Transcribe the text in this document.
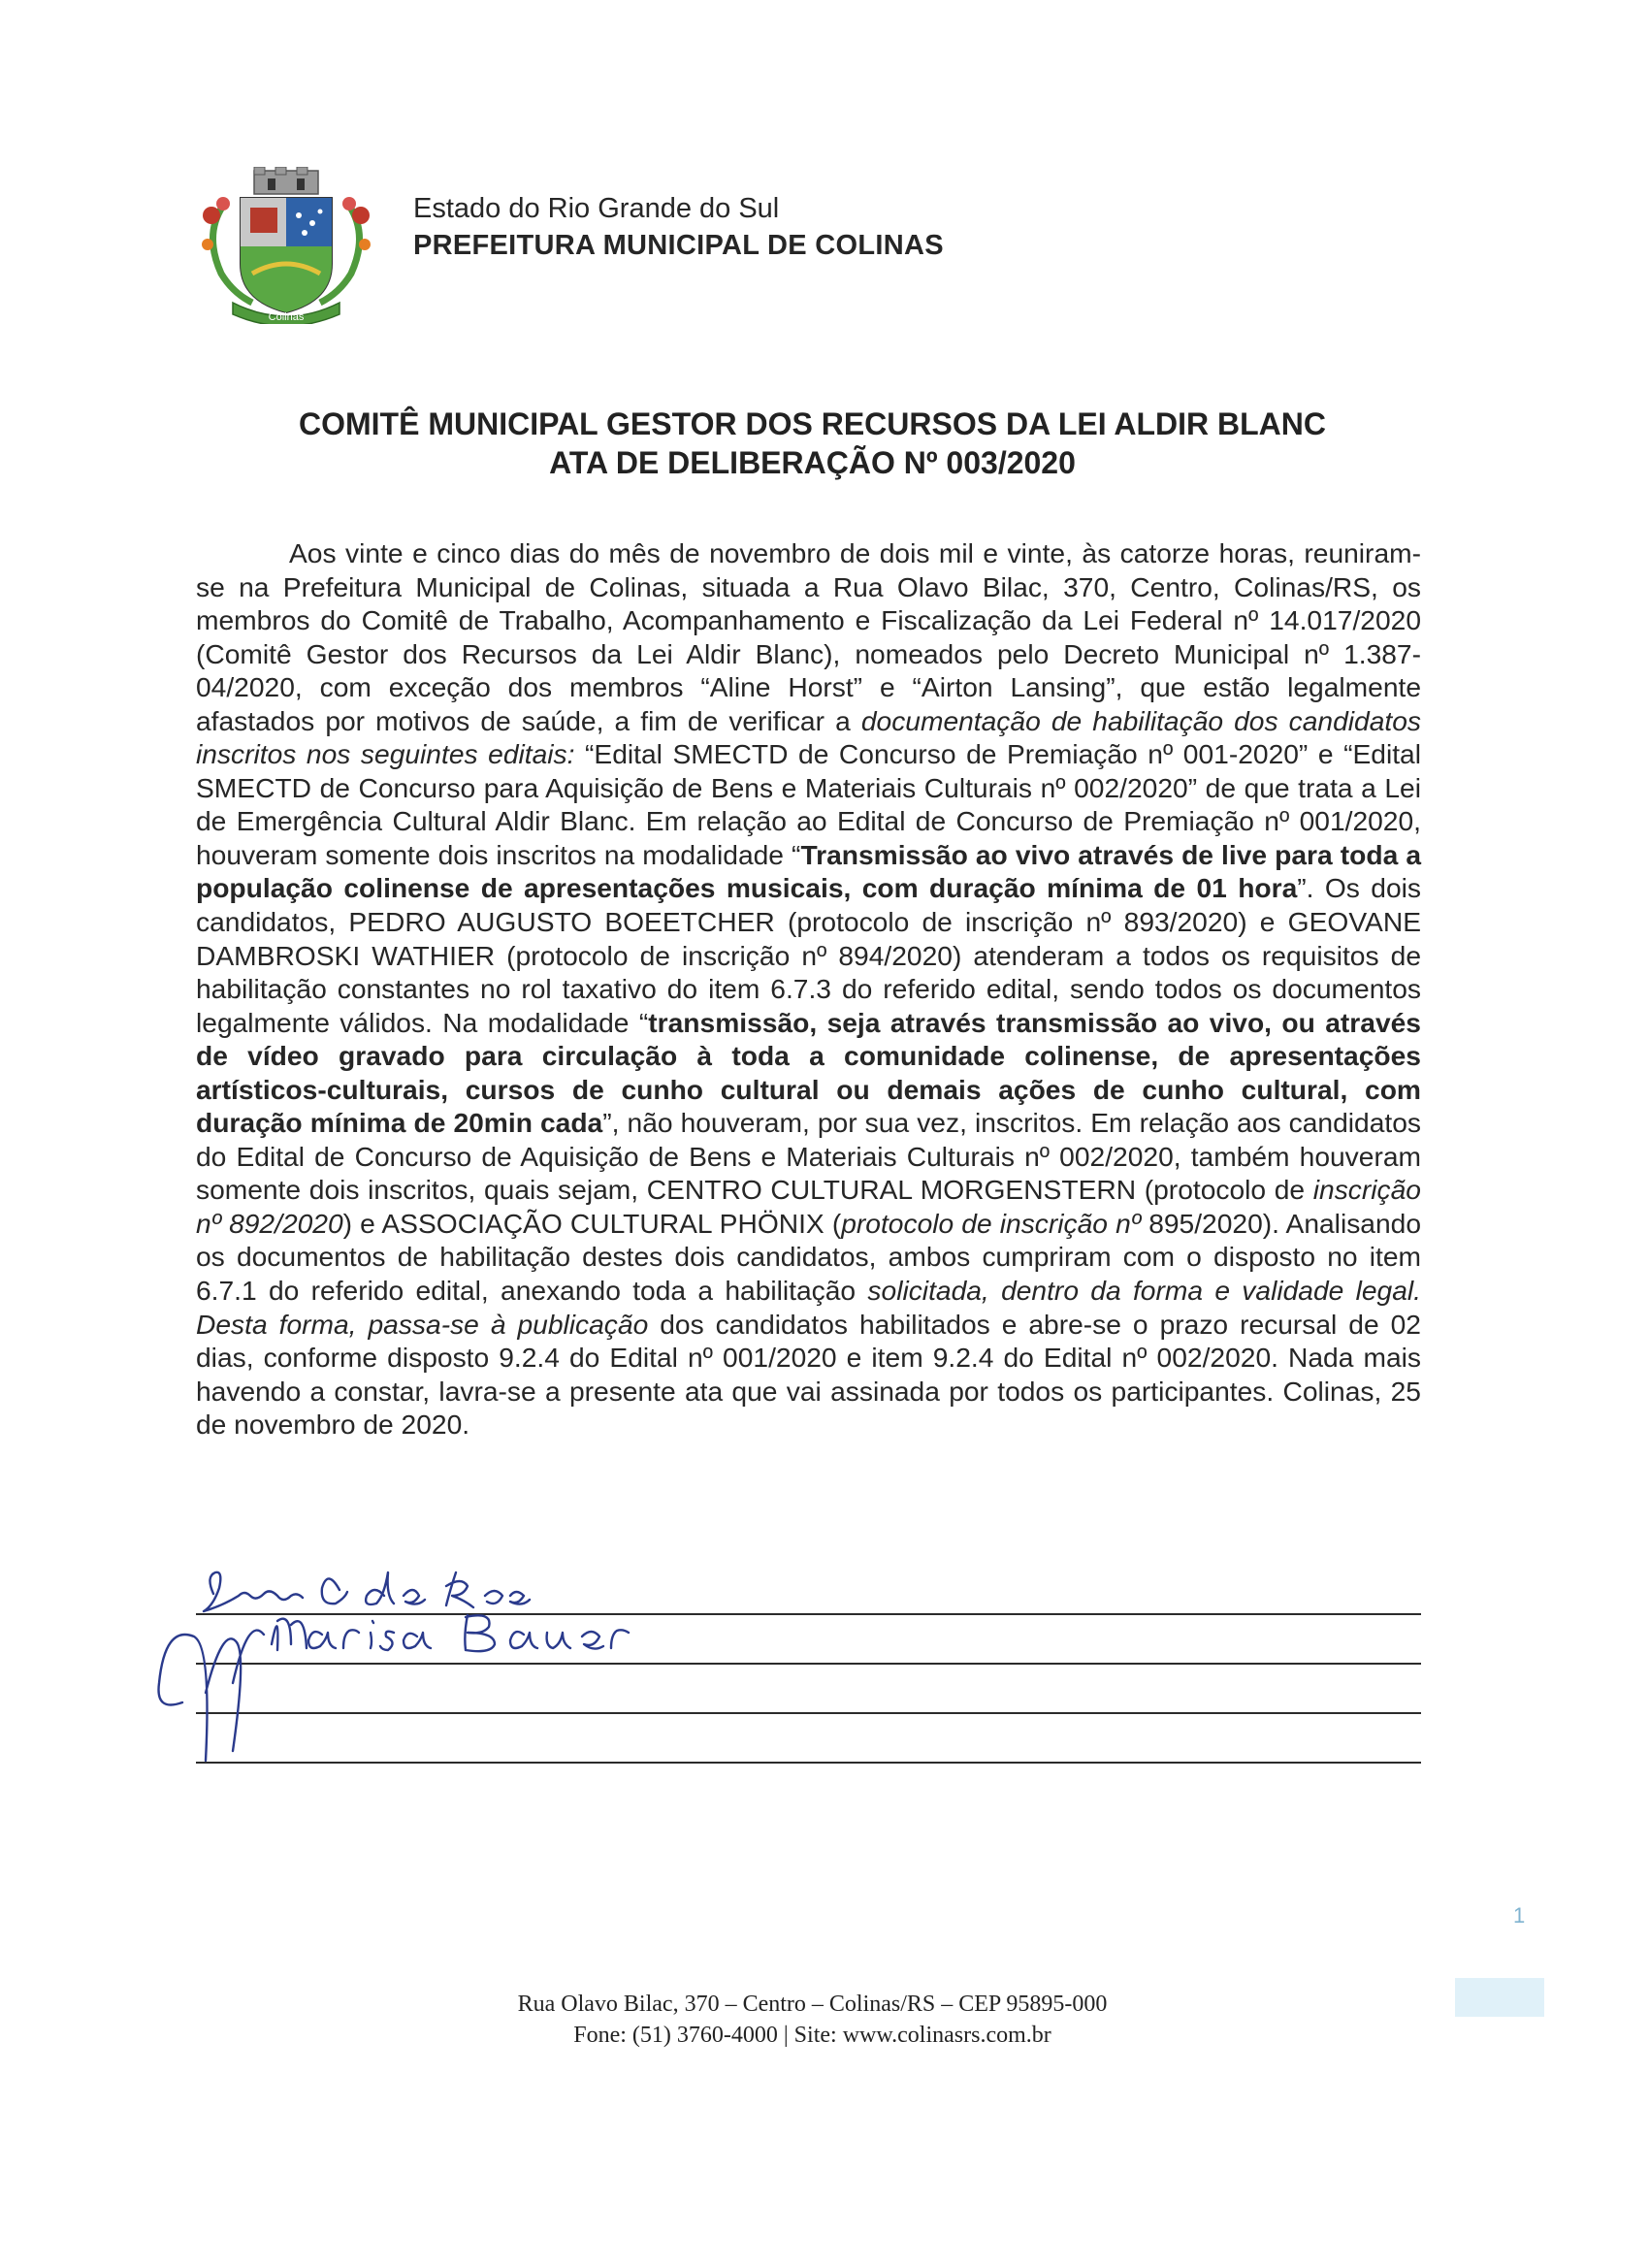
Colinas
Estado do Rio Grande do Sul
PREFEITURA MUNICIPAL DE COLINAS
COMITÊ MUNICIPAL GESTOR DOS RECURSOS DA LEI ALDIR BLANC
ATA DE DELIBERAÇÃO Nº 003/2020
Aos vinte e cinco dias do mês de novembro de dois mil e vinte, às catorze horas, reuniram-se na Prefeitura Municipal de Colinas, situada a Rua Olavo Bilac, 370, Centro, Colinas/RS, os membros do Comitê de Trabalho, Acompanhamento e Fiscalização da Lei Federal nº 14.017/2020 (Comitê Gestor dos Recursos da Lei Aldir Blanc), nomeados pelo Decreto Municipal nº 1.387-04/2020, com exceção dos membros “Aline Horst” e “Airton Lansing”, que estão legalmente afastados por motivos de saúde, a fim de verificar a documentação de habilitação dos candidatos inscritos nos seguintes editais: “Edital SMECTD de Concurso de Premiação nº 001-2020” e “Edital SMECTD de Concurso para Aquisição de Bens e Materiais Culturais nº 002/2020” de que trata a Lei de Emergência Cultural Aldir Blanc. Em relação ao Edital de Concurso de Premiação nº 001/2020, houveram somente dois inscritos na modalidade “Transmissão ao vivo através de live para toda a população colinense de apresentações musicais, com duração mínima de 01 hora”. Os dois candidatos, PEDRO AUGUSTO BOEETCHER (protocolo de inscrição nº 893/2020) e GEOVANE DAMBROSKI WATHIER (protocolo de inscrição nº 894/2020) atenderam a todos os requisitos de habilitação constantes no rol taxativo do item 6.7.3 do referido edital, sendo todos os documentos legalmente válidos. Na modalidade “transmissão, seja através transmissão ao vivo, ou através de vídeo gravado para circulação à toda a comunidade colinense, de apresentações artísticos-culturais, cursos de cunho cultural ou demais ações de cunho cultural, com duração mínima de 20min cada”, não houveram, por sua vez, inscritos. Em relação aos candidatos do Edital de Concurso de Aquisição de Bens e Materiais Culturais nº 002/2020, também houveram somente dois inscritos, quais sejam, CENTRO CULTURAL MORGENSTERN (protocolo de inscrição nº 892/2020) e ASSOCIAÇÃO CULTURAL PHÖNIX (protocolo de inscrição nº 895/2020). Analisando os documentos de habilitação destes dois candidatos, ambos cumpriram com o disposto no item 6.7.1 do referido edital, anexando toda a habilitação solicitada, dentro da forma e validade legal. Desta forma, passa-se à publicação dos candidatos habilitados e abre-se o prazo recursal de 02 dias, conforme disposto 9.2.4 do Edital nº 001/2020 e item 9.2.4 do Edital nº 002/2020. Nada mais havendo a constar, lavra-se a presente ata que vai assinada por todos os participantes. Colinas, 25 de novembro de 2020.
1
Rua Olavo Bilac, 370 – Centro – Colinas/RS – CEP 95895-000
Fone: (51) 3760-4000 | Site: www.colinasrs.com.br
